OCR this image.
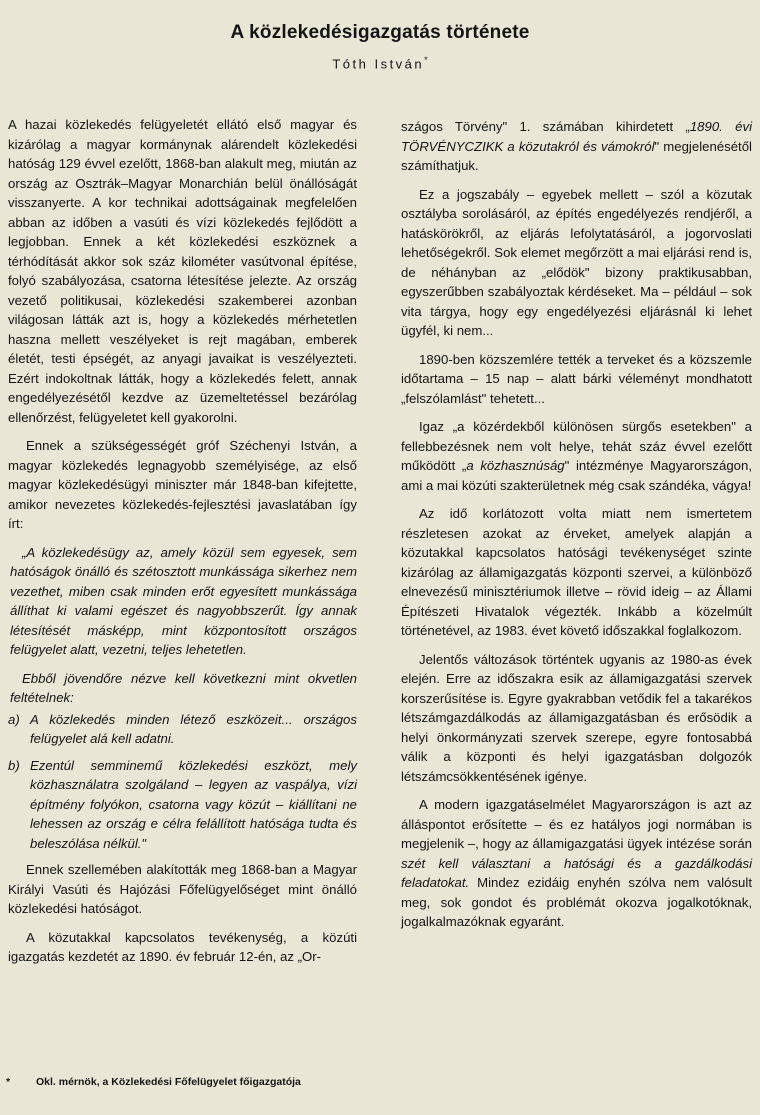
A közlekedésigazgatás története
Tóth István*

A hazai közlekedés felügyeletét ellátó első magyar és kizárólag a magyar kormánynak alárendelt közlekedési hatóság 129 évvel ezelőtt, 1868-ban alakult meg, miután az ország az Osztrák–Magyar Monarchián belül önállóságát visszanyerte. A kor technikai adottságainak megfelelően abban az időben a vasúti és vízi közlekedés fejlődött a legjobban. Ennek a két közlekedési eszköznek a térhódítását akkor sok száz kilométer vasútvonal építése, folyó szabályozása, csatorna létesítése jelezte. Az ország vezető politikusai, közlekedési szakemberei azonban világosan látták azt is, hogy a közlekedés mérhetetlen haszna mellett veszélyeket is rejt magában, emberek életét, testi épségét, az anyagi javaikat is veszélyezteti. Ezért indokoltnak látták, hogy a közlekedés felett, annak engedélyezésétől kezdve az üzemeltetéssel bezárólag ellenőrzést, felügyeletet kell gyakorolni.

Ennek a szükségességét gróf Széchenyi István, a magyar közlekedés legnagyobb személyisége, az első magyar közlekedésügyi miniszter már 1848-ban kifejtette, amikor nevezetes közlekedés-fejlesztési javaslatában így írt:

„A közlekedésügy az, amely közül sem egyesek, sem hatóságok önálló és szétosztott munkássága sikerhez nem vezethet, miben csak minden erőt egyesített munkássága állíthat ki valami egészet és nagyobbszerűt. Így annak létesítését másképp, mint központosított országos felügyelet alatt, vezetni, teljes lehetetlen.

Ebből jövendőre nézve kell következni mint okvetlen feltételnek:

a) A közlekedés minden létező eszközeit... országos felügyelet alá kell adatni.
b) Ezentúl semminemű közlekedési eszközt, mely közhasználatra szolgáland – legyen az vaspálya, vízi építmény folyókon, csatorna vagy közút – kiállítani ne lehessen az ország e célra felállított hatósága tudta és beleszólása nélkül."

Ennek szellemében alakították meg 1868-ban a Magyar Királyi Vasúti és Hajózási Főfelügyelőséget mint önálló közlekedési hatóságot.

A közutakkal kapcsolatos tevékenység, a közúti igazgatás kezdetét az 1890. év február 12-én, az „Or-

szágos Törvény" 1. számában kihirdetett „1890. évi TÖRVÉNYCZIKK a közutakról és vámokról" megjelenésétől számíthatjuk.

Ez a jogszabály – egyebek mellett – szól a közutak osztályba sorolásáról, az építés engedélyezés rendjéről, a hatáskörökről, az eljárás lefolytatásáról, a jogorvoslati lehetőségekről. Sok elemet megőrzött a mai eljárási rend is, de néhányban az „elődök" bizony praktikusabban, egyszerűbben szabályoztak kérdéseket. Ma – például – sok vita tárgya, hogy egy engedélyezési eljárásnál ki lehet ügyfél, ki nem...

1890-ben közszemlére tették a terveket és a közszemle időtartama – 15 nap – alatt bárki véleményt mondhatott „felszólamlást" tehetett...

Igaz „a közérdekből különösen sürgős esetekben" a fellebbezésnek nem volt helye, tehát száz évvel ezelőtt működött „a közhasznúság" intézménye Magyarországon, ami a mai közúti szakterületnek még csak szándéka, vágya!

Az idő korlátozott volta miatt nem ismertetem részletesen azokat az érveket, amelyek alapján a közutakkal kapcsolatos hatósági tevékenységet szinte kizárólag az államigazgatás központi szervei, a különböző elnevezésű minisztériumok illetve – rövid ideig – az Állami Építészeti Hivatalok végezték. Inkább a közelmúlt történetével, az 1983. évet követő időszakkal foglalkozom.

Jelentős változások történtek ugyanis az 1980-as évek elején. Erre az időszakra esik az államigazgatási szervek korszerűsítése is. Egyre gyakrabban vetődik fel a takarékos létszámgazdálkodás az államigazgatásban és erősödik a helyi önkormányzati szervek szerepe, egyre fontosabbá válik a központi és helyi igazgatásban dolgozók létszámcsökkentésének igénye.

A modern igazgatáselmélet Magyarországon is azt az álláspontot erősítette – és ez hatályos jogi normában is megjelenik –, hogy az államigazgatási ügyek intézése során szét kell választani a hatósági és a gazdálkodási feladatokat. Mindez ezidáig enyhén szólva nem valósult meg, sok gondot és problémát okozva jogalkotóknak, jogalkalmazóknak egyaránt.

* Okl. mérnök, a Közlekedési Főfelügyelet főigazgatója
